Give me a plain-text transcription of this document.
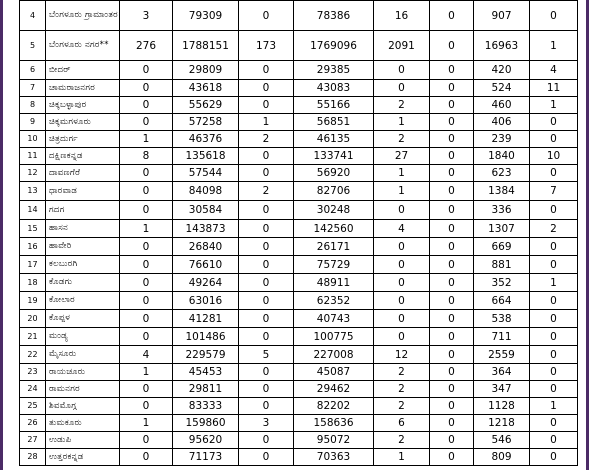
4	ಬೆಂಗಳೂರು ಗ್ರಾಮಾಂತರ	3	79309	0	78386	16	0	907	0
5	ಬೆಂಗಳೂರು ನಗರ**	276	1788151	173	1769096	2091	0	16963	1
6	ಬೀದರ್	0	29809	0	29385	0	0	420	4
7	ಚಾಮರಾಜನಗರ	0	43618	0	43083	0	0	524	11
8	ಚಿಕ್ಕಬಳ್ಳಾಪುರ	0	55629	0	55166	2	0	460	1
9	ಚಿಕ್ಕಮಗಳೂರು	0	57258	1	56851	1	0	406	0
10	ಚಿತ್ರದುರ್ಗ	1	46376	2	46135	2	0	239	0
11	ದಕ್ಷಿಣಕನ್ನಡ	8	135618	0	133741	27	0	1840	10
12	ದಾವಣಗೆರೆ	0	57544	0	56920	1	0	623	0
13	ಧಾರವಾಡ	0	84098	2	82706	1	0	1384	7
14	ಗದಗ	0	30584	0	30248	0	0	336	0
15	ಹಾಸನ	1	143873	0	142560	4	0	1307	2
16	ಹಾವೇರಿ	0	26840	0	26171	0	0	669	0
17	ಕಲಬುರಗಿ	0	76610	0	75729	0	0	881	0
18	ಕೊಡಗು	0	49264	0	48911	0	0	352	1
19	ಕೋಲಾರ	0	63016	0	62352	0	0	664	0
20	ಕೊಪ್ಪಳ	0	41281	0	40743	0	0	538	0
21	ಮಂಡ್ಯ	0	101486	0	100775	0	0	711	0
22	ಮೈಸೂರು	4	229579	5	227008	12	0	2559	0
23	ರಾಯಚೂರು	1	45453	0	45087	2	0	364	0
24	ರಾಮನಗರ	0	29811	0	29462	2	0	347	0
25	ಶಿವಮೊಗ್ಗ	0	83333	0	82202	2	0	1128	1
26	ತುಮಕೂರು	1	159860	3	158636	6	0	1218	0
27	ಉಡುಪಿ	0	95620	0	95072	2	0	546	0
28	ಉತ್ತರಕನ್ನಡ	0	71173	0	70363	1	0	809	0
